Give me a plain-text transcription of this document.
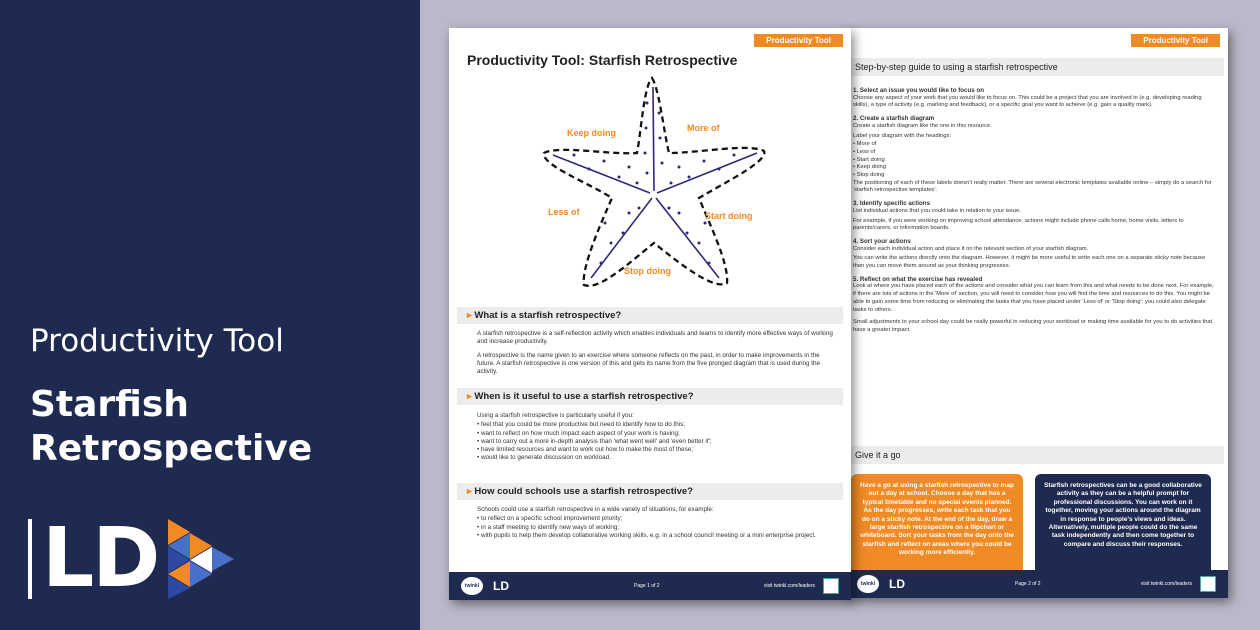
Productivity Tool
Starfish
Retrospective
LD
Productivity Tool
Step-by-step guide to using a starfish retrospective
1. Select an issue you would like to focus on

Choose any aspect of your work that you would like to focus on. This could be a project that you are involved in (e.g. developing reading skills), a type of activity (e.g. marking and feedback), or a specific goal you want to achieve (e.g. gain a quality mark).

2. Create a starfish diagram

Create a starfish diagram like the one in this resource.

Label your diagram with the headings:

• More of
• Less of
• Start doing
• Keep doing
• Stop doing

The positioning of each of these labels doesn't really matter. There are several electronic templates available online – simply do a search for 'starfish retrospective templates'.

3. Identify specific actions

List individual actions that you could take in relation to your issue.

For example, if you were working on improving school attendance, actions might include phone calls home, home visits, letters to parents/carers, or information boards.

4. Sort your actions

Consider each individual action and place it on the relevant section of your starfish diagram.

You can write the actions directly onto the diagram. However, it might be more useful to write each one on a separate sticky note because then you can move them around as your thinking progresses.

5. Reflect on what the exercise has revealed

Look at where you have placed each of the actions and consider what you can learn from this and what needs to be done next. For example, if there are lots of actions in the 'More of' section, you will need to consider how you will find the time and resources to do this. You might be able to gain some time from reducing or eliminating the tasks that you have placed under 'Less of' or 'Stop doing'; you could also delegate tasks to others.

Small adjustments to your school day could be really powerful in reducing your workload or making time available for you to do activities that have a greater impact.

Give it a go
Have a go at using a starfish retrospective to map out a day at school. Choose a day that has a typical timetable and no special events planned. As the day progresses, write each task that you do on a sticky note. At the end of the day, draw a large starfish retrospective on a flipchart or whiteboard. Sort your tasks from the day onto the starfish and reflect on areas where you could be working more efficiently.
Starfish retrospectives can be a good collaborative activity as they can be a helpful prompt for professional discussions. You can work on it together, moving your actions around the diagram in response to people's views and ideas. Alternatively, multiple people could do the same task independently and then come together to compare and discuss their responses.
twinkl	LD	Page 2 of 2	visit twinkl.com/leaders
Productivity Tool
Productivity Tool: Starfish Retrospective
Keep doing	More of
Less of	Start doing
Stop doing
▸ What is a starfish retrospective?

A starfish retrospective is a self-reflection activity which enables individuals and teams to identify more effective ways of working and increase productivity.

A retrospective is the name given to an exercise where someone reflects on the past, in order to make improvements in the future. A starfish retrospective is one version of this and gets its name from the five pronged diagram that is used during the activity.

▸ When is it useful to use a starfish retrospective?

Using a starfish retrospective is particularly useful if you:

• feel that you could be more productive but need to identify how to do this;
• want to reflect on how much impact each aspect of your work is having;
• want to carry out a more in-depth analysis than 'what went well' and 'even better if';
• have limited resources and want to work out how to make the most of these;
• would like to generate discussion on workload.
▸ How could schools use a starfish retrospective?

Schools could use a starfish retrospective in a wide variety of situations, for example:

• to reflect on a specific school improvement priority;
• in a staff meeting to identify new ways of working;
• with pupils to help them develop collaborative working skills, e.g. in a school council meeting or a mini enterprise project.
twinkl	LD	Page 1 of 2	visit twinkl.com/leaders
